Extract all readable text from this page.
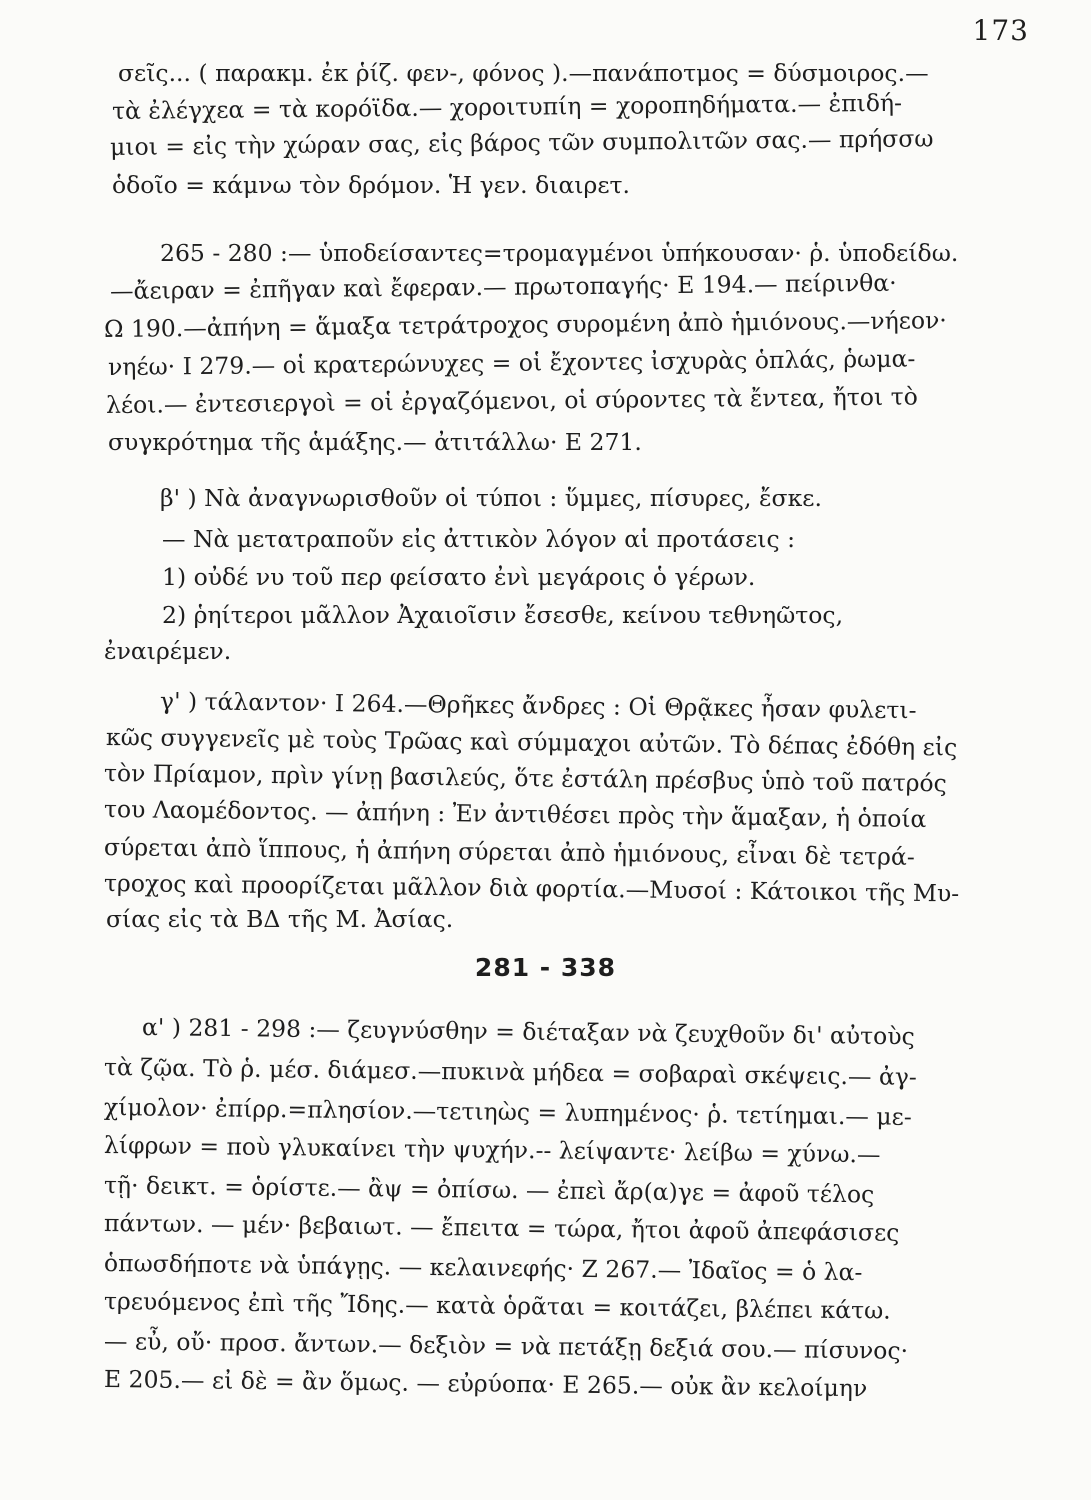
173
σεῖς... ( παρακμ. ἐκ ῥίζ. φεν-, φόνος ).—πανάποτμος = δύσμοιρος.—
τὰ ἐλέγχεα = τὰ κορόϊδα.— χοροιτυπίη = χοροπηδήματα.— ἐπιδή-
μιοι = εἰς τὴν χώραν σας, εἰς βάρος τῶν συμπολιτῶν σας.— πρήσσω
ὁδοῖο = κάμνω τὸν δρόμον. Ἡ γεν. διαιρετ.
265 - 280 :— ὑποδείσαντες=τρομαγμένοι ὑπήκουσαν· ῥ. ὑποδείδω.
—ἄειραν = ἐπῆγαν καὶ ἔφεραν.— πρωτοπαγής· Ε 194.— πείρινθα·
Ω 190.—ἀπήνη = ἅμαξα τετράτροχος συρομένη ἀπὸ ἡμιόνους.—νήεον·
νηέω· Ι 279.— οἱ κρατερώνυχες = οἱ ἔχοντες ἰσχυρὰς ὁπλάς, ῥωμα-
λέοι.— ἐντεσιεργοὶ = οἱ ἐργαζόμενοι, οἱ σύροντες τὰ ἔντεα, ἤτοι τὸ
συγκρότημα τῆς ἁμάξης.— ἀτιτάλλω· Ε 271.
β' ) Νὰ ἀναγνωρισθοῦν οἱ τύποι : ὕμμες, πίσυρες, ἔσκε.
— Νὰ μετατραποῦν εἰς ἀττικὸν λόγον αἱ προτάσεις :
1) οὐδέ νυ τοῦ περ φείσατο ἐνὶ μεγάροις ὁ γέρων.
2) ῥηίτεροι μᾶλλον Ἀχαιοῖσιν ἔσεσθε, κείνου τεθνηῶτος,
ἐναιρέμεν.
γ' ) τάλαντον· Ι 264.—Θρῆκες ἄνδρες : Οἱ Θρᾷκες ἦσαν φυλετι-
κῶς συγγενεῖς μὲ τοὺς Τρῶας καὶ σύμμαχοι αὐτῶν. Τὸ δέπας ἐδόθη εἰς
τὸν Πρίαμον, πρὶν γίνῃ βασιλεύς, ὅτε ἐστάλη πρέσβυς ὑπὸ τοῦ πατρός
του Λαομέδοντος. — ἀπήνη : Ἐν ἀντιθέσει πρὸς τὴν ἅμαξαν, ἡ ὁποία
σύρεται ἀπὸ ἵππους, ἡ ἀπήνη σύρεται ἀπὸ ἡμιόνους, εἶναι δὲ τετρά-
τροχος καὶ προορίζεται μᾶλλον διὰ φορτία.—Μυσοί : Κάτοικοι τῆς Μυ-
σίας εἰς τὰ ΒΔ τῆς Μ. Ἀσίας.
281 - 338
α' ) 281 - 298 :— ζευγνύσθην = διέταξαν νὰ ζευχθοῦν δι' αὐτοὺς
τὰ ζῷα. Τὸ ῥ. μέσ. διάμεσ.—πυκινὰ μήδεα = σοβαραὶ σκέψεις.— ἀγ-
χίμολον· ἐπίρρ.=πλησίον.—τετιηὼς = λυπημένος· ῥ. τετίημαι.— με-
λίφρων = ποὺ γλυκαίνει τὴν ψυχήν.-- λείψαντε· λείβω = χύνω.—
τῇ· δεικτ. = ὁρίστε.— ἂψ = ὀπίσω. — ἐπεὶ ἄρ(α)γε = ἀφοῦ τέλος
πάντων. — μέν· βεβαιωτ. — ἔπειτα = τώρα, ἤτοι ἀφοῦ ἀπεφάσισες
ὁπωσδήποτε νὰ ὑπάγῃς. — κελαινεφής· Ζ 267.— Ἰδαῖος = ὁ λα-
τρευόμενος ἐπὶ τῆς Ἴδης.— κατὰ ὁρᾶται = κοιτάζει, βλέπει κάτω.
— εὖ, οὔ· προσ. ἄντων.— δεξιὸν = νὰ πετάξῃ δεξιά σου.— πίσυνος·
Ε 205.— εἰ δὲ = ἂν ὅμως. — εὐρύοπα· Ε 265.— οὐκ ἂν κελοίμην
